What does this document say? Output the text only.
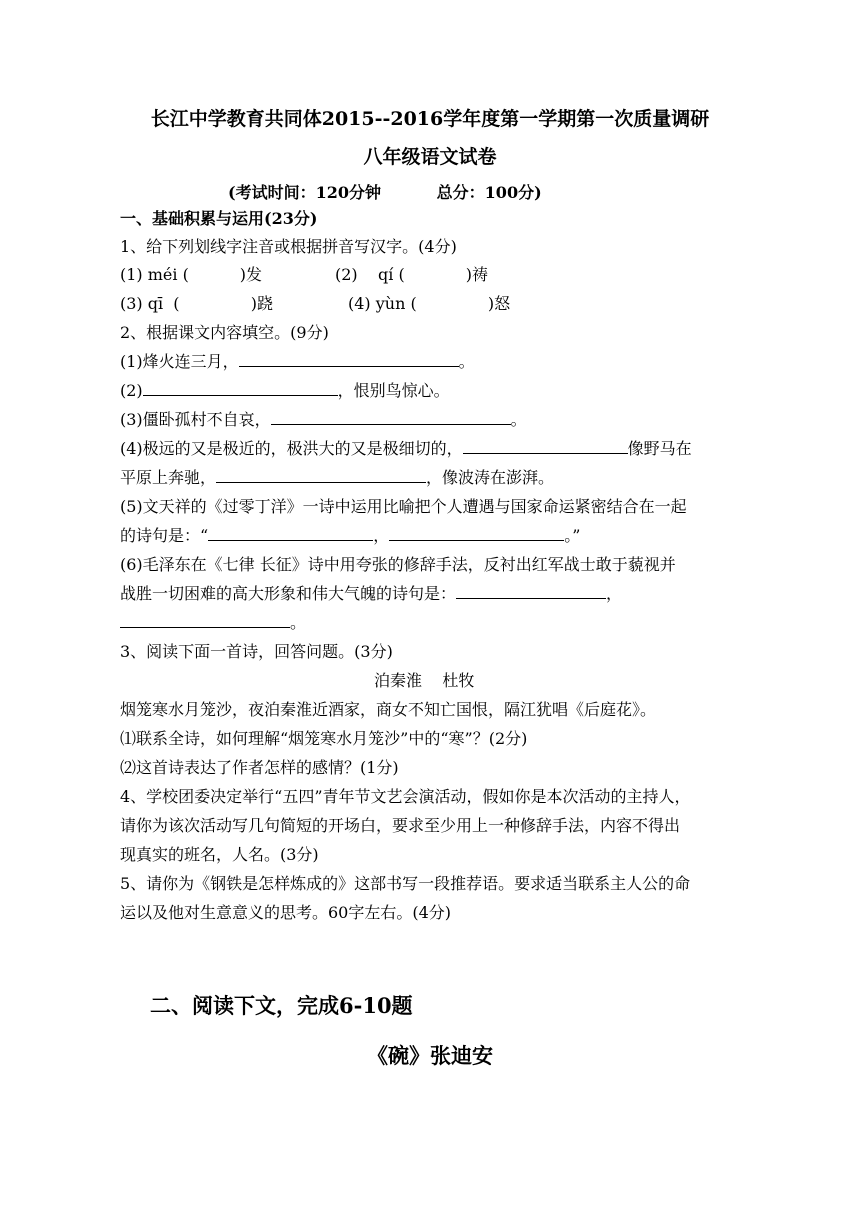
长江中学教育共同体2015--2016学年度第一学期第一次质量调研
八年级语文试卷
(考试时间：120分钟          总分：100分)
一、基础积累与运用(23分)
1、给下列划线字注音或根据拼音写汉字。(4分)
(1) méi (          )发	(2)    qí (            )祷
(3) qī  (              )跷	(4) yùn (              )怒
2、根据课文内容填空。(9分)
(1)烽火连三月，	。
(2)	，恨别鸟惊心。
(3)僵卧孤村不自哀，	。
(4)极远的又是极近的，极洪大的又是极细切的，	像野马在
平原上奔驰，	，像波涛在澎湃。
(5)文天祥的《过零丁洋》一诗中运用比喻把个人遭遇与国家命运紧密结合在一起
的诗句是：“	，	。”
(6)毛泽东在《七律 长征》诗中用夸张的修辞手法，反衬出红军战士敢于藐视并
战胜一切困难的高大形象和伟大气魄的诗句是：	，
。
3、阅读下面一首诗，回答问题。(3分)
泊秦淮    杜牧
烟笼寒水月笼沙，夜泊秦淮近酒家，商女不知亡国恨，隔江犹唱《后庭花》。
⑴联系全诗，如何理解“烟笼寒水月笼沙”中的“寒”？(2分)
⑵这首诗表达了作者怎样的感情？(1分)
4、学校团委决定举行“五四”青年节文艺会演活动，假如你是本次活动的主持人，
请你为该次活动写几句简短的开场白，要求至少用上一种修辞手法，内容不得出
现真实的班名，人名。(3分)
5、请你为《钢铁是怎样炼成的》这部书写一段推荐语。要求适当联系主人公的命
运以及他对生意意义的思考。60字左右。(4分)
二、阅读下文，完成6-10题
《碗》张迪安
